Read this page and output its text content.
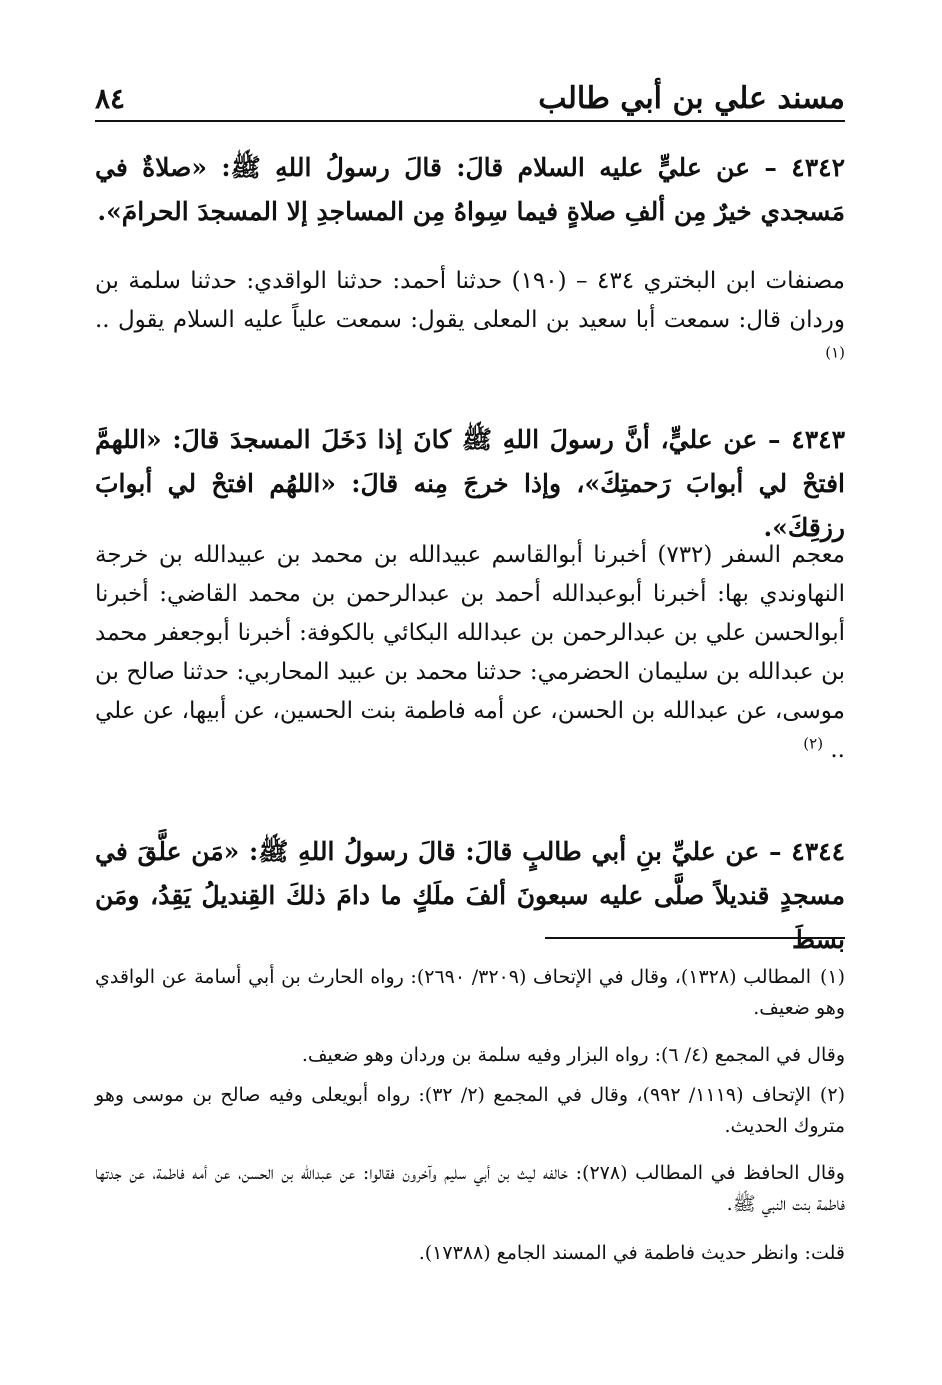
مسند علي بن أبي طالب
٨٤

٤٣٤٢ – عن عليٍّ عليه السلام قالَ: قالَ رسولُ اللهِ ﷺ: «صلاةٌ في مَسجدي خيرٌ مِن ألفِ صلاةٍ فيما سِواهُ مِن المساجدِ إلا المسجدَ الحرامَ».

مصنفات ابن البختري ٤٣٤ – (١٩٠) حدثنا أحمد: حدثنا الواقدي: حدثنا سلمة بن وردان قال: سمعت أبا سعيد بن المعلى يقول: سمعت علياً عليه السلام يقول .. $^{(١)}$

٤٣٤٣ – عن عليٍّ، أنَّ رسولَ اللهِ ﷺ كانَ إذا دَخَلَ المسجدَ قالَ: «اللهمَّ افتحْ لي أبوابَ رَحمتِكَ»، وإذا خرجَ مِنه قالَ: «اللهُم افتحْ لي أبوابَ رزقِكَ».

معجم السفر (٧٣٢) أخبرنا أبوالقاسم عبيدالله بن محمد بن عبيدالله بن خرجة النهاوندي بها: أخبرنا أبوعبدالله أحمد بن عبدالرحمن بن محمد القاضي: أخبرنا أبوالحسن علي بن عبدالرحمن بن عبدالله البكائي بالكوفة: أخبرنا أبوجعفر محمد بن عبدالله بن سليمان الحضرمي: حدثنا محمد بن عبيد المحاربي: حدثنا صالح بن موسى، عن عبدالله بن الحسن، عن أمه فاطمة بنت الحسين، عن أبيها، عن علي .. $^{(٢)}$

٤٣٤٤ – عن عليِّ بنِ أبي طالبٍ قالَ: قالَ رسولُ اللهِ ﷺ: «مَن علَّقَ في مسجدٍ قنديلاً صلَّى عليه سبعونَ ألفَ ملَكٍ ما دامَ ذلكَ القِنديلُ يَقِدُ، ومَن بسطَ

(١)المطالب (١٣٢٨)، وقال في الإتحاف (٣٢٠٩/ ٢٦٩٠): رواه الحارث بن أبي أسامة عن الواقدي وهو ضعيف.

وقال في المجمع (٤/ ٦): رواه البزار وفيه سلمة بن وردان وهو ضعيف.

(٢)الإتحاف (١١١٩/ ٩٩٢)، وقال في المجمع (٢/ ٣٢): رواه أبويعلى وفيه صالح بن موسى وهو متروك الحديث.

وقال الحافظ في المطالب (٢٧٨): خالفه ليث بن أبي سليم وآخرون فقالوا: عن عبدالله بن الحسن، عن أمه فاطمة، عن جدتها فاطمة بنت النبي ﷺ.

قلت: وانظر حديث فاطمة في المسند الجامع (١٧٣٨٨).
